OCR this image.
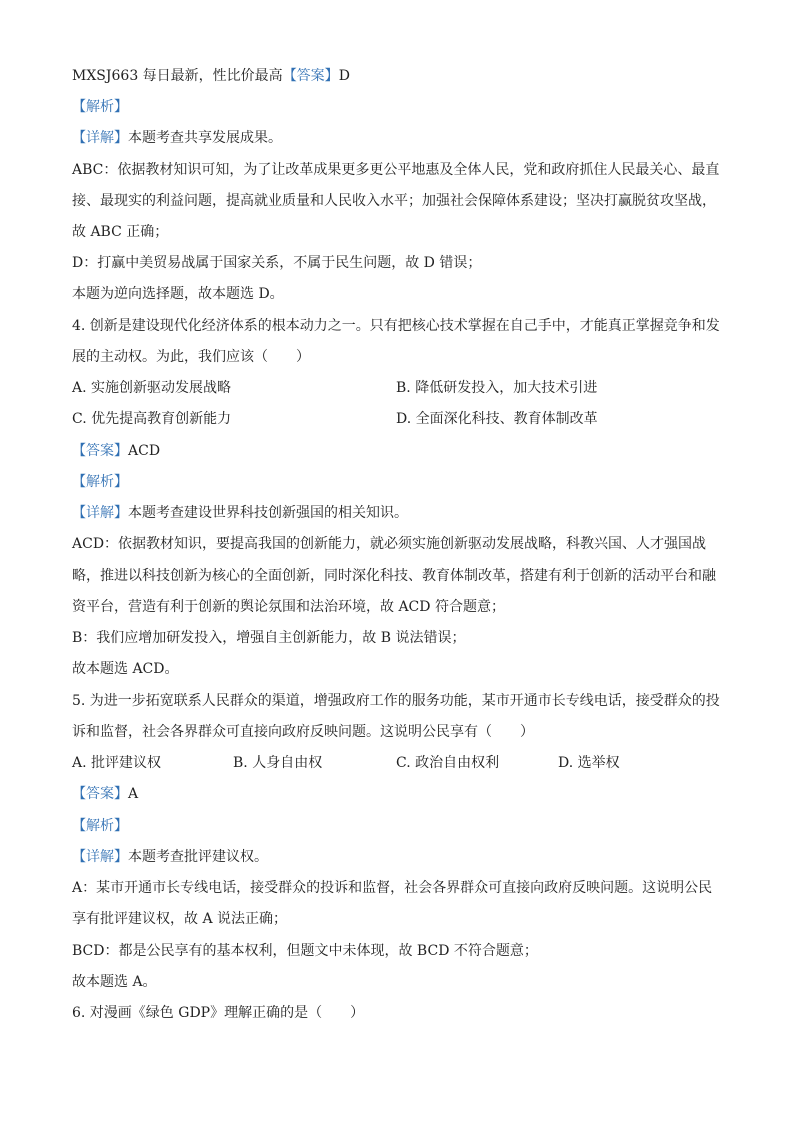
MXSJ663 每日最新，性比价最高【答案】D
【解析】
【详解】本题考查共享发展成果。
ABC：依据教材知识可知，为了让改革成果更多更公平地惠及全体人民，党和政府抓住人民最关心、最直
接、最现实的利益问题，提高就业质量和人民收入水平；加强社会保障体系建设；坚决打赢脱贫攻坚战，
故 ABC 正确；
D：打赢中美贸易战属于国家关系，不属于民生问题，故 D 错误；
本题为逆向选择题，故本题选 D。
4. 创新是建设现代化经济体系的根本动力之一。只有把核心技术掌握在自己手中，才能真正掌握竞争和发
展的主动权。为此，我们应该（　　）
A. 实施创新驱动发展战略	B. 降低研发投入，加大技术引进
C. 优先提高教育创新能力	D. 全面深化科技、教育体制改革
【答案】ACD
【解析】
【详解】本题考查建设世界科技创新强国的相关知识。
ACD：依据教材知识，要提高我国的创新能力，就必须实施创新驱动发展战略，科教兴国、人才强国战
略，推进以科技创新为核心的全面创新，同时深化科技、教育体制改革，搭建有利于创新的活动平台和融
资平台，营造有利于创新的舆论氛围和法治环境，故 ACD 符合题意；
B：我们应增加研发投入，增强自主创新能力，故 B 说法错误；
故本题选 ACD。
5. 为进一步拓宽联系人民群众的渠道，增强政府工作的服务功能，某市开通市长专线电话，接受群众的投
诉和监督，社会各界群众可直接向政府反映问题。这说明公民享有（　　）
A. 批评建议权	B. 人身自由权	C. 政治自由权利	D. 选举权
【答案】A
【解析】
【详解】本题考查批评建议权。
A：某市开通市长专线电话，接受群众的投诉和监督，社会各界群众可直接向政府反映问题。这说明公民
享有批评建议权，故 A 说法正确；
BCD：都是公民享有的基本权利，但题文中未体现，故 BCD 不符合题意；
故本题选 A。
6. 对漫画《绿色 GDP》理解正确的是（　　）
